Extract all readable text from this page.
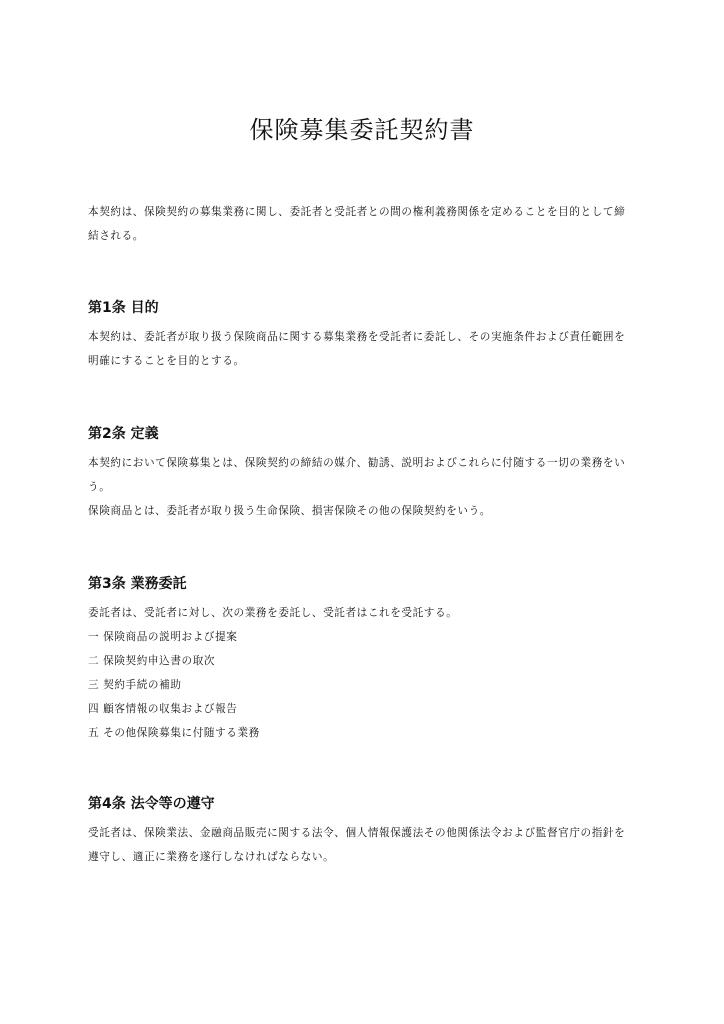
保険募集委託契約書

本契約は、保険契約の募集業務に関し、委託者と受託者との間の権利義務関係を定めることを目的として締結される。

第1条 目的

本契約は、委託者が取り扱う保険商品に関する募集業務を受託者に委託し、その実施条件および責任範囲を明確にすることを目的とする。

第2条 定義

本契約において保険募集とは、保険契約の締結の媒介、勧誘、説明およびこれらに付随する一切の業務をいう。

保険商品とは、委託者が取り扱う生命保険、損害保険その他の保険契約をいう。

第3条 業務委託

委託者は、受託者に対し、次の業務を委託し、受託者はこれを受託する。

一 保険商品の説明および提案

二 保険契約申込書の取次

三 契約手続の補助

四 顧客情報の収集および報告

五 その他保険募集に付随する業務

第4条 法令等の遵守

受託者は、保険業法、金融商品販売に関する法令、個人情報保護法その他関係法令および監督官庁の指針を遵守し、適正に業務を遂行しなければならない。
